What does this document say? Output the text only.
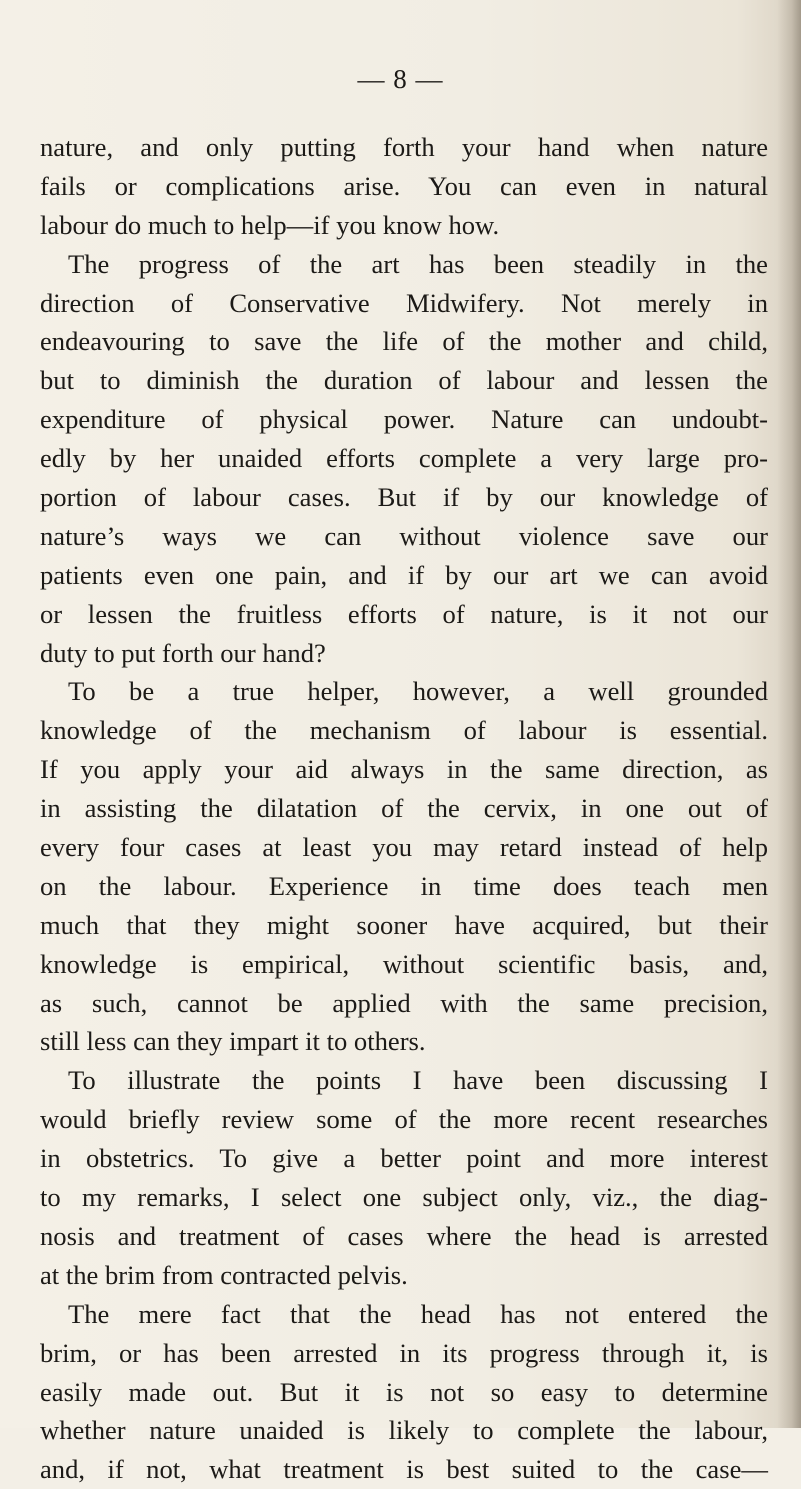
— 8 —
nature, and only putting forth your hand when nature
fails or complications arise. You can even in natural
labour do much to help—if you know how.
The progress of the art has been steadily in the
direction of Conservative Midwifery. Not merely in
endeavouring to save the life of the mother and child,
but to diminish the duration of labour and lessen the
expenditure of physical power. Nature can undoubt-
edly by her unaided efforts complete a very large pro-
portion of labour cases. But if by our knowledge of
nature’s ways we can without violence save our
patients even one pain, and if by our art we can avoid
or lessen the fruitless efforts of nature, is it not our
duty to put forth our hand?
To be a true helper, however, a well grounded
knowledge of the mechanism of labour is essential.
If you apply your aid always in the same direction, as
in assisting the dilatation of the cervix, in one out of
every four cases at least you may retard instead of help
on the labour. Experience in time does teach men
much that they might sooner have acquired, but their
knowledge is empirical, without scientific basis, and,
as such, cannot be applied with the same precision,
still less can they impart it to others.
To illustrate the points I have been discussing I
would briefly review some of the more recent researches
in obstetrics. To give a better point and more interest
to my remarks, I select one subject only, viz., the diag-
nosis and treatment of cases where the head is arrested
at the brim from contracted pelvis.
The mere fact that the head has not entered the
brim, or has been arrested in its progress through it, is
easily made out. But it is not so easy to determine
whether nature unaided is likely to complete the labour,
and, if not, what treatment is best suited to the case—
